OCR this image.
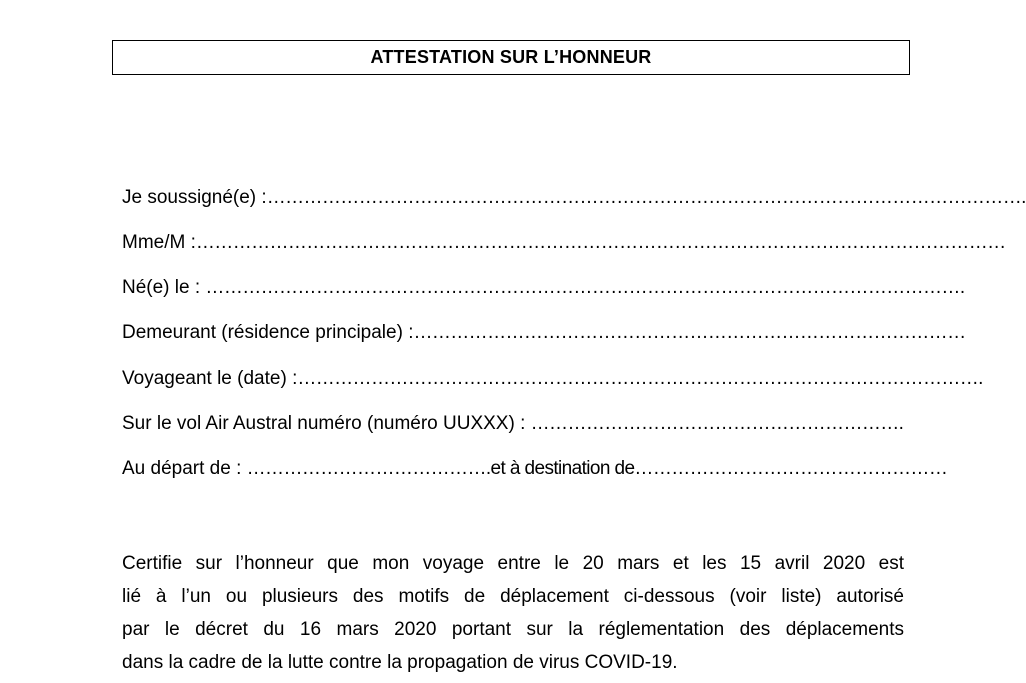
ATTESTATION SUR L’HONNEUR
Je soussigné(e) :…………………………………………………………………………………………………………….
Mme/M :……………………………………………………………………………………………………………………
Né(e) le : …………………………………………………………………………………………………………….
Demeurant (résidence principale) :………………………………………………………………………………
Voyageant le (date) :………………………………………………………………………………………………….
Sur le vol Air Austral numéro (numéro UUXXX) : …………………………………………………….
Au départ de : ………………………………….et à destination de……………………………………………
Certifie sur l’honneur que mon voyage entre le 20 mars et les 15 avril 2020 est
lié à l’un ou plusieurs des motifs de déplacement ci-dessous (voir liste) autorisé
par le décret du 16 mars 2020 portant sur la réglementation des déplacements
dans la cadre de la lutte contre la propagation de virus COVID-19.
